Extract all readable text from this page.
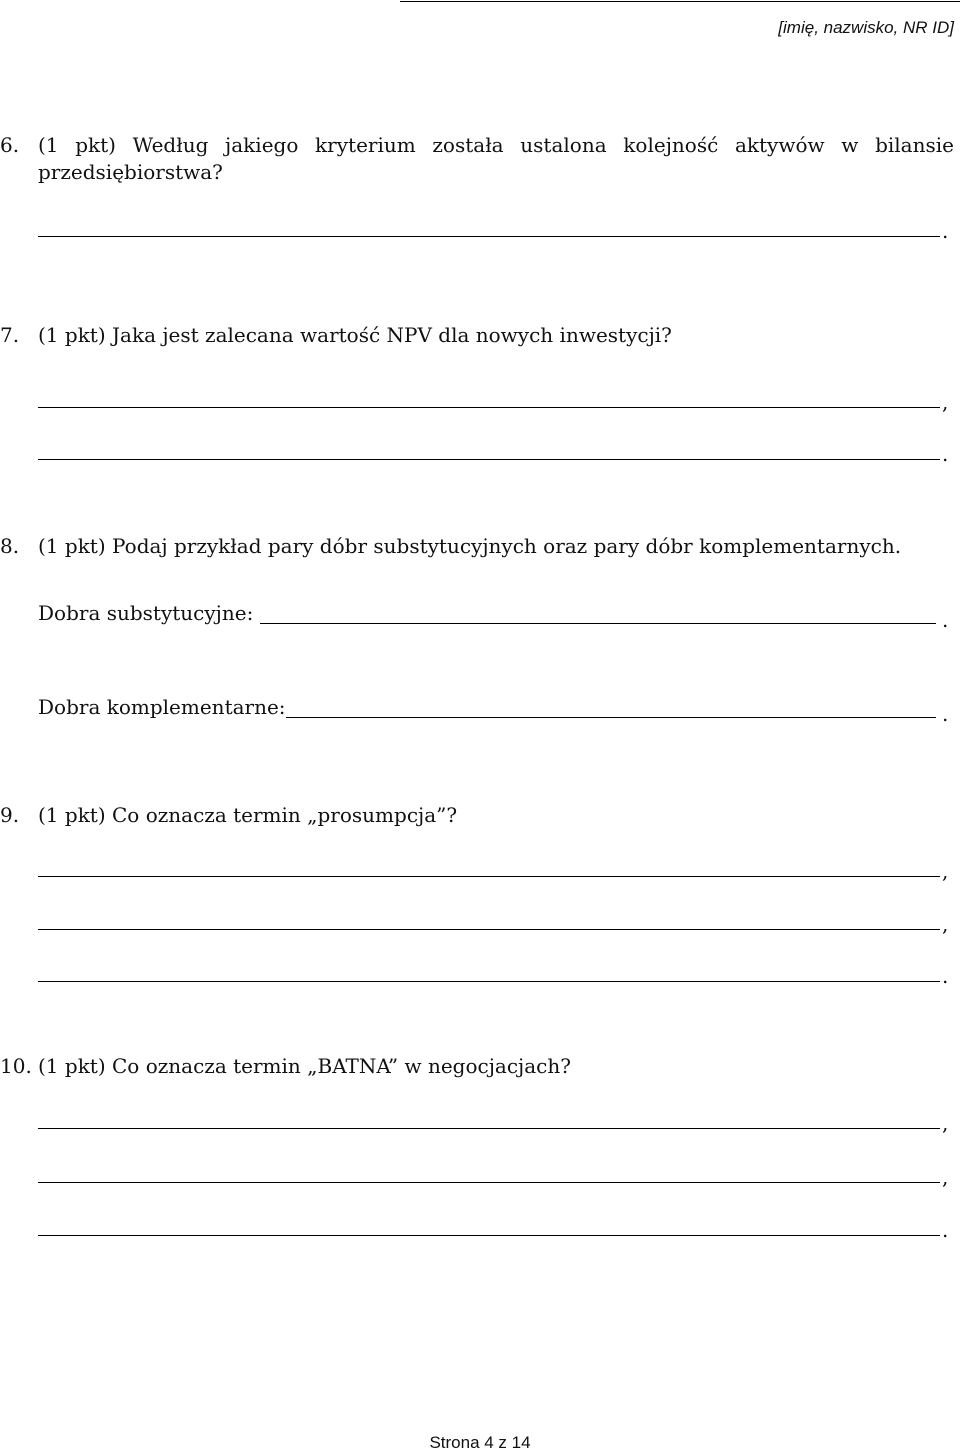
[imię, nazwisko, NR ID]
6. (1 pkt) Według jakiego kryterium została ustalona kolejność aktywów w bilansie
przedsiębiorstwa?
.
7. (1 pkt) Jaka jest zalecana wartość NPV dla nowych inwestycji?
,
.
8. (1 pkt) Podaj przykład pary dóbr substytucyjnych oraz pary dóbr komplementarnych.
Dobra substytucyjne:	.
Dobra komplementarne:	.
9. (1 pkt) Co oznacza termin „prosumpcja”?
,
,
.
10. (1 pkt) Co oznacza termin „BATNA” w negocjacjach?
,
,
.
Strona 4 z 14
